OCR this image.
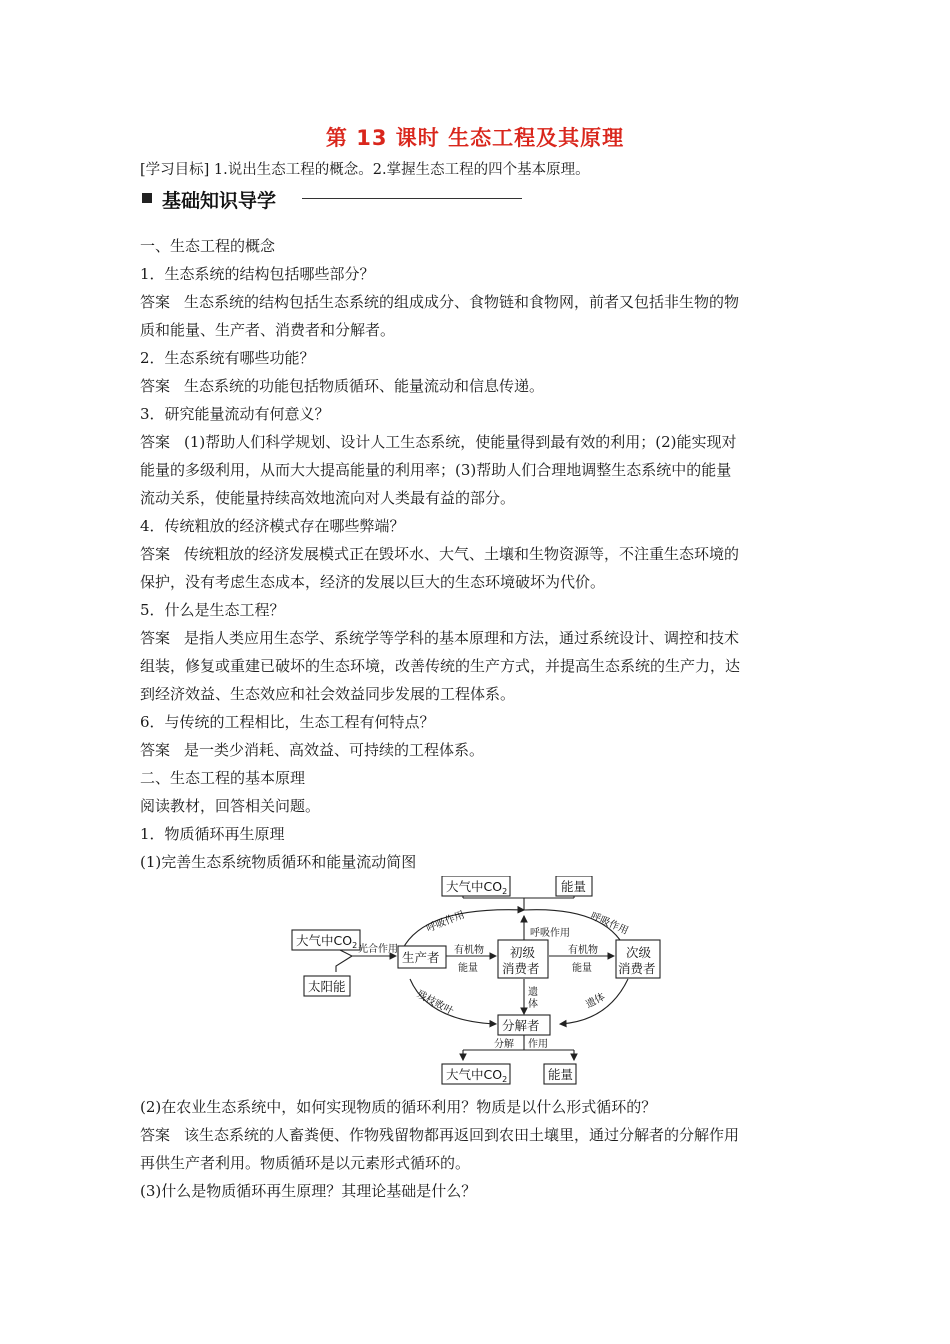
第 13 课时 生态工程及其原理
[学习目标] 1.说出生态工程的概念。2.掌握生态工程的四个基本原理。
基础知识导学
一、生态工程的概念
1．生态系统的结构包括哪些部分？
答案 生态系统的结构包括生态系统的组成成分、食物链和食物网，前者又包括非生物的物
质和能量、生产者、消费者和分解者。
2．生态系统有哪些功能？
答案 生态系统的功能包括物质循环、能量流动和信息传递。
3．研究能量流动有何意义？
答案 (1)帮助人们科学规划、设计人工生态系统，使能量得到最有效的利用；(2)能实现对
能量的多级利用，从而大大提高能量的利用率；(3)帮助人们合理地调整生态系统中的能量
流动关系，使能量持续高效地流向对人类最有益的部分。
4．传统粗放的经济模式存在哪些弊端？
答案 传统粗放的经济发展模式正在毁坏水、大气、土壤和生物资源等，不注重生态环境的
保护，没有考虑生态成本，经济的发展以巨大的生态环境破坏为代价。
5．什么是生态工程？
答案 是指人类应用生态学、系统学等学科的基本原理和方法，通过系统设计、调控和技术
组装，修复或重建已破坏的生态环境，改善传统的生产方式，并提高生态系统的生产力，达
到经济效益、生态效应和社会效益同步发展的工程体系。
6．与传统的工程相比，生态工程有何特点？
答案 是一类少消耗、高效益、可持续的工程体系。
二、生态工程的基本原理
阅读教材，回答相关问题。
1．物质循环再生原理
(1)完善生态系统物质循环和能量流动简图
大气中$CO_2$	能量
大气中$CO_2$
太阳能
生产者	初级
消费者
次级
消费者
分解者
大气中$CO_2$	能量
呼吸作用	呼吸作用 呼吸作用
光合作用	有机物
能量
有机物
能量
残枝败叶	遗
体	遗体
分解 作用
(2)在农业生态系统中，如何实现物质的循环利用？物质是以什么形式循环的？
答案 该生态系统的人畜粪便、作物残留物都再返回到农田土壤里，通过分解者的分解作用
再供生产者利用。物质循环是以元素形式循环的。
(3)什么是物质循环再生原理？其理论基础是什么？
